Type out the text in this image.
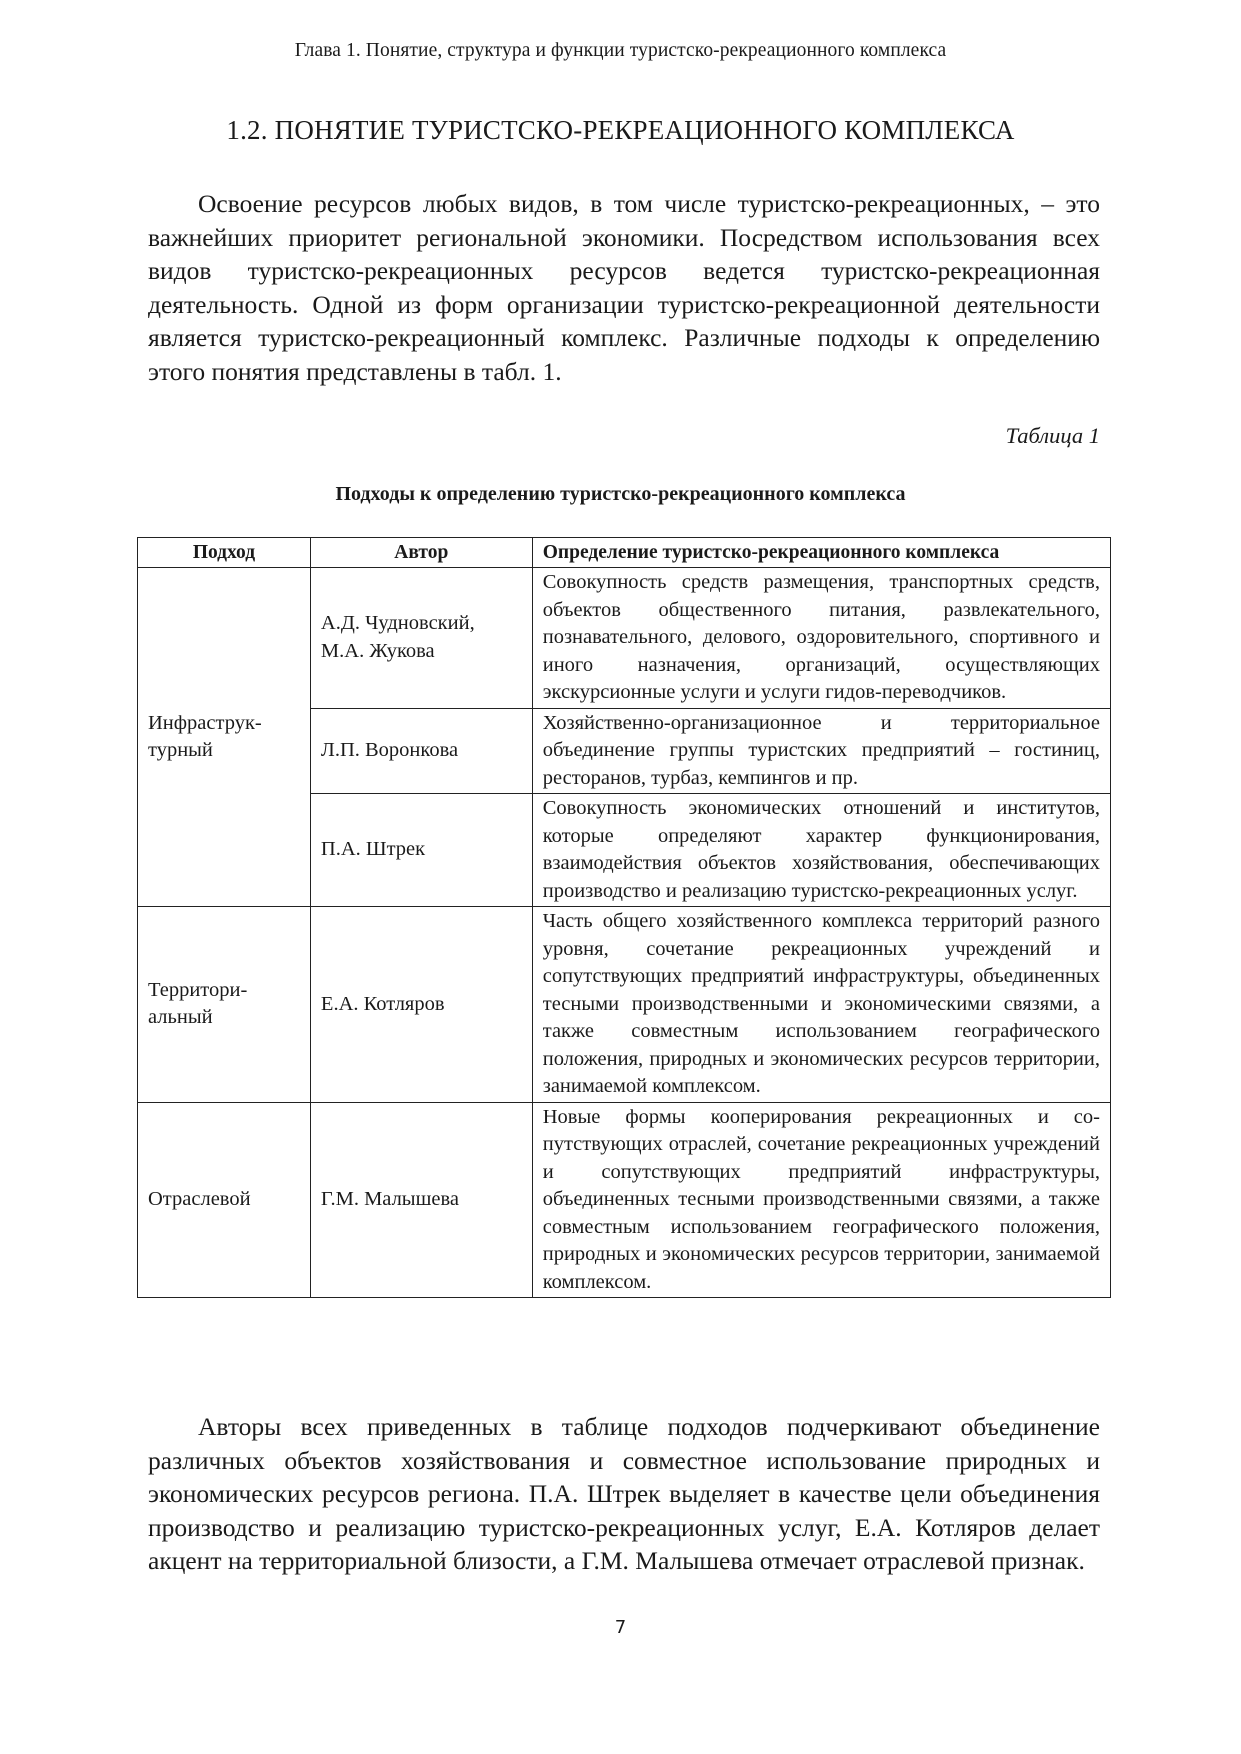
Глава 1. Понятие, структура и функции туристско-рекреационного комплекса
1.2. ПОНЯТИЕ ТУРИСТСКО-РЕКРЕАЦИОННОГО КОМПЛЕКСА

Освоение ресурсов любых видов, в том числе туристско-рекреационных, – это важнейших приоритет региональной экономики. Посредством использования всех видов туристско-рекреационных ресурсов ведется туристско-рекреационная деятельность. Одной из форм организации туристско-рекреационной деятельности является туристско-рекреационный комплекс. Различные подходы к определению этого понятия представлены в табл. 1.

Таблица 1
Подходы к определению туристско-рекреационного комплекса
Подход	Автор	Определение туристско-рекреационного комплекса
Инфраструктурный	А.Д. Чудновский, М.А. Жукова	Совокупность средств размещения, транспортных средств, объектов общественного питания, развлекательного, познавательного, делового, оздоровительного, спортивного и иного назначения, организаций, осуществляющих экскурсионные услуги и услуги гидов-переводчиков.
	Л.П. Воронкова	Хозяйственно-организационное и территориальное объединение группы туристских предприятий – гостиниц, ресторанов, турбаз, кемпингов и пр.
	П.А. Штрек	Совокупность экономических отношений и институтов, которые определяют характер функционирования, взаимодействия объектов хозяйствования, обеспечивающих производство и реализацию туристско-рекреационных услуг.
Территориальный	Е.А. Котляров	Часть общего хозяйственного комплекса территорий разного уровня, сочетание рекреационных учреждений и сопутствующих предприятий инфраструктуры, объединенных тесными производственными и экономическими связями, а также совместным использованием географического положения, природных и экономических ресурсов территории, занимаемой комплексом.
Отраслевой	Г.М. Малышева	Новые формы кооперирования рекреационных и сопутствующих отраслей, сочетание рекреационных учреждений и сопутствующих предприятий инфраструктуры, объединенных тесными производственными связями, а также совместным использованием географического положения, природных и экономических ресурсов территории, занимаемой комплексом.

Авторы всех приведенных в таблице подходов подчеркивают объединение различных объектов хозяйствования и совместное использование природных и экономических ресурсов региона. П.А. Штрек выделяет в качестве цели объединения производство и реализацию туристско-рекреационных услуг, Е.А. Котляров делает акцент на территориальной близости, а Г.М. Малышева отмечает отраслевой признак.

7
